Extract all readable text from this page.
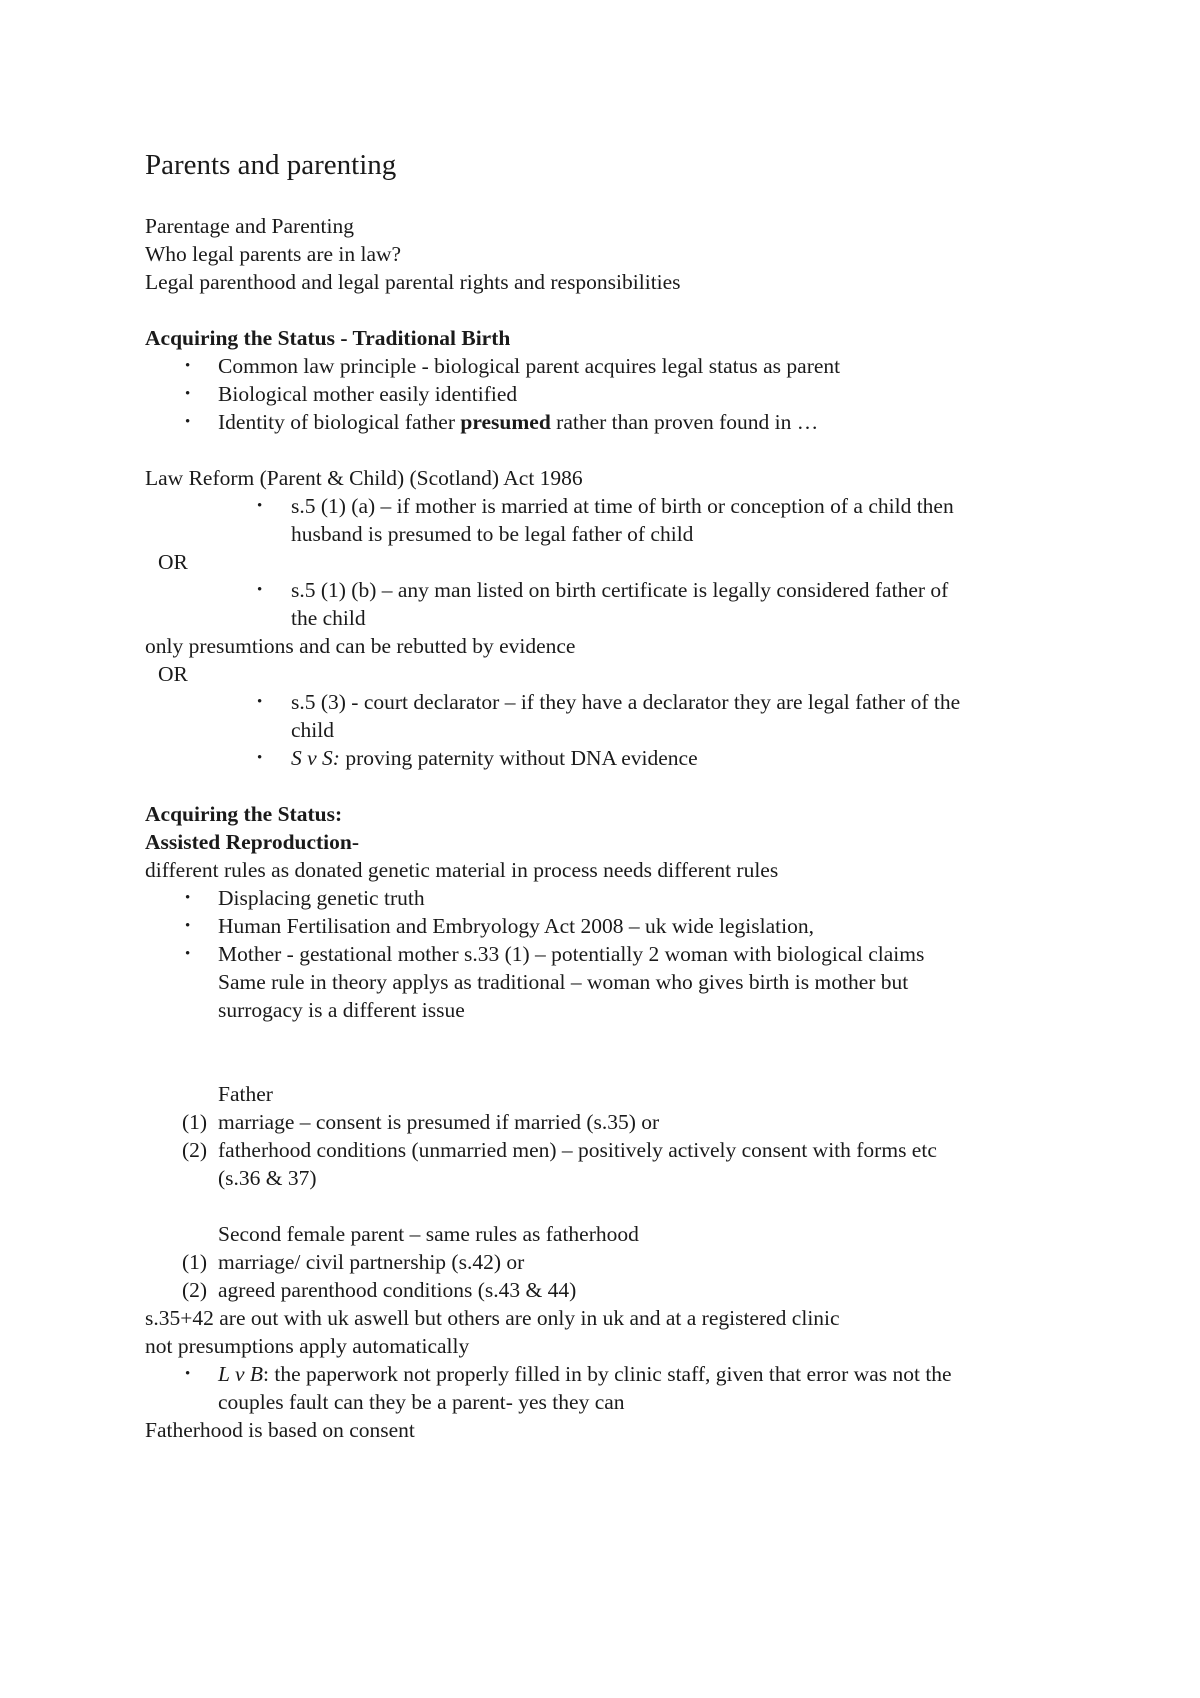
Parents and parenting

Parentage and Parenting

Who legal parents are in law?

Legal parenthood and legal parental rights and responsibilities

Acquiring the Status - Traditional Birth

• Common law principle - biological parent acquires legal status as parent

• Biological mother easily identified

• Identity of biological father presumed rather than proven found in …

Law Reform (Parent & Child) (Scotland) Act 1986

• s.5 (1) (a) – if mother is married at time of birth or conception of a child then

husband is presumed to be legal father of child

OR

• s.5 (1) (b) – any man listed on birth certificate is legally considered father of

the child

only presumtions and can be rebutted by evidence

OR

• s.5 (3) - court declarator – if they have a declarator they are legal father of the

child

• S v S: proving paternity without DNA evidence

Acquiring the Status:

Assisted Reproduction-

different rules as donated genetic material in process needs different rules

• Displacing genetic truth

• Human Fertilisation and Embryology Act 2008 – uk wide legislation,

• Mother - gestational mother s.33 (1) – potentially 2 woman with biological claims

Same rule in theory applys as traditional – woman who gives birth is mother but

surrogacy is a different issue

Father

(1) marriage – consent is presumed if married (s.35) or

(2) fatherhood conditions (unmarried men) – positively actively consent with forms etc

(s.36 & 37)

Second female parent – same rules as fatherhood

(1) marriage/ civil partnership (s.42) or

(2) agreed parenthood conditions (s.43 & 44)

s.35+42 are out with uk aswell but others are only in uk and at a registered clinic

not presumptions apply automatically

• L v B: the paperwork not properly filled in by clinic staff, given that error was not the

couples fault can they be a parent- yes they can

Fatherhood is based on consent
